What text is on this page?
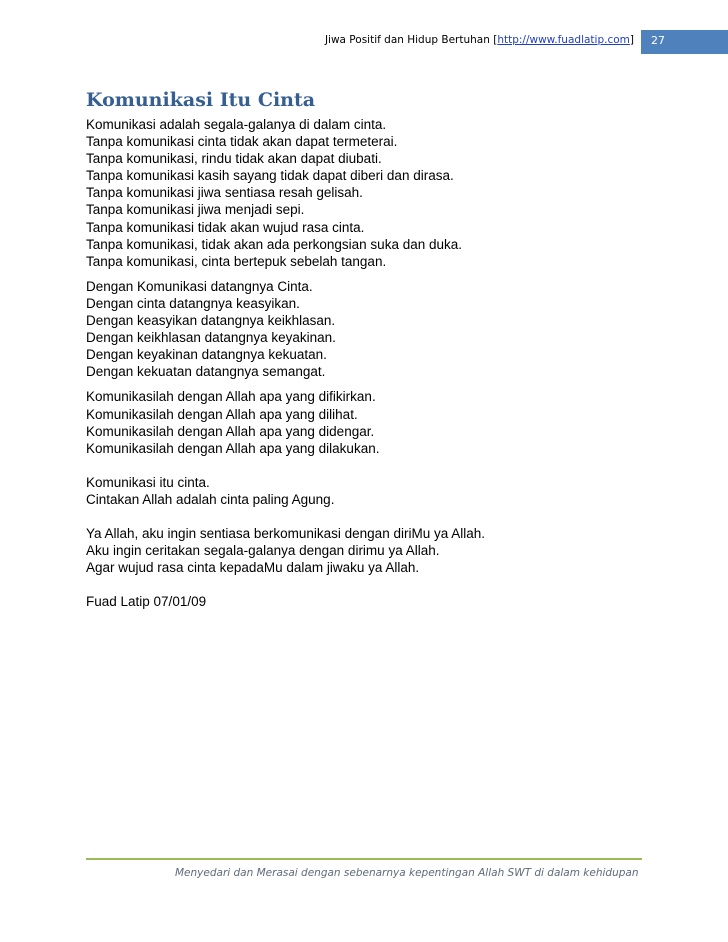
Jiwa Positif dan Hidup Bertuhan [http://www.fuadlatip.com] 27
Komunikasi Itu Cinta
Komunikasi adalah segala-galanya di dalam cinta.
Tanpa komunikasi cinta tidak akan dapat termeterai.
Tanpa komunikasi, rindu tidak akan dapat diubati.
Tanpa komunikasi kasih sayang tidak dapat diberi dan dirasa.
Tanpa komunikasi jiwa sentiasa resah gelisah.
Tanpa komunikasi jiwa menjadi sepi.
Tanpa komunikasi tidak akan wujud rasa cinta.
Tanpa komunikasi, tidak akan ada perkongsian suka dan duka.
Tanpa komunikasi, cinta bertepuk sebelah tangan.
Dengan Komunikasi datangnya Cinta.
Dengan cinta datangnya keasyikan.
Dengan keasyikan datangnya keikhlasan.
Dengan keikhlasan datangnya keyakinan.
Dengan keyakinan datangnya kekuatan.
Dengan kekuatan datangnya semangat.
Komunikasilah dengan Allah apa yang difikirkan.
Komunikasilah dengan Allah apa yang dilihat.
Komunikasilah dengan Allah apa yang didengar.
Komunikasilah dengan Allah apa yang dilakukan.
Komunikasi itu cinta.
Cintakan Allah adalah cinta paling Agung.
Ya Allah, aku ingin sentiasa berkomunikasi dengan diriMu ya Allah.
Aku ingin ceritakan segala-galanya dengan dirimu ya Allah.
Agar wujud rasa cinta kepadaMu dalam jiwaku ya Allah.
Fuad Latip 07/01/09
Menyedari dan Merasai dengan sebenarnya kepentingan Allah SWT di dalam kehidupan
